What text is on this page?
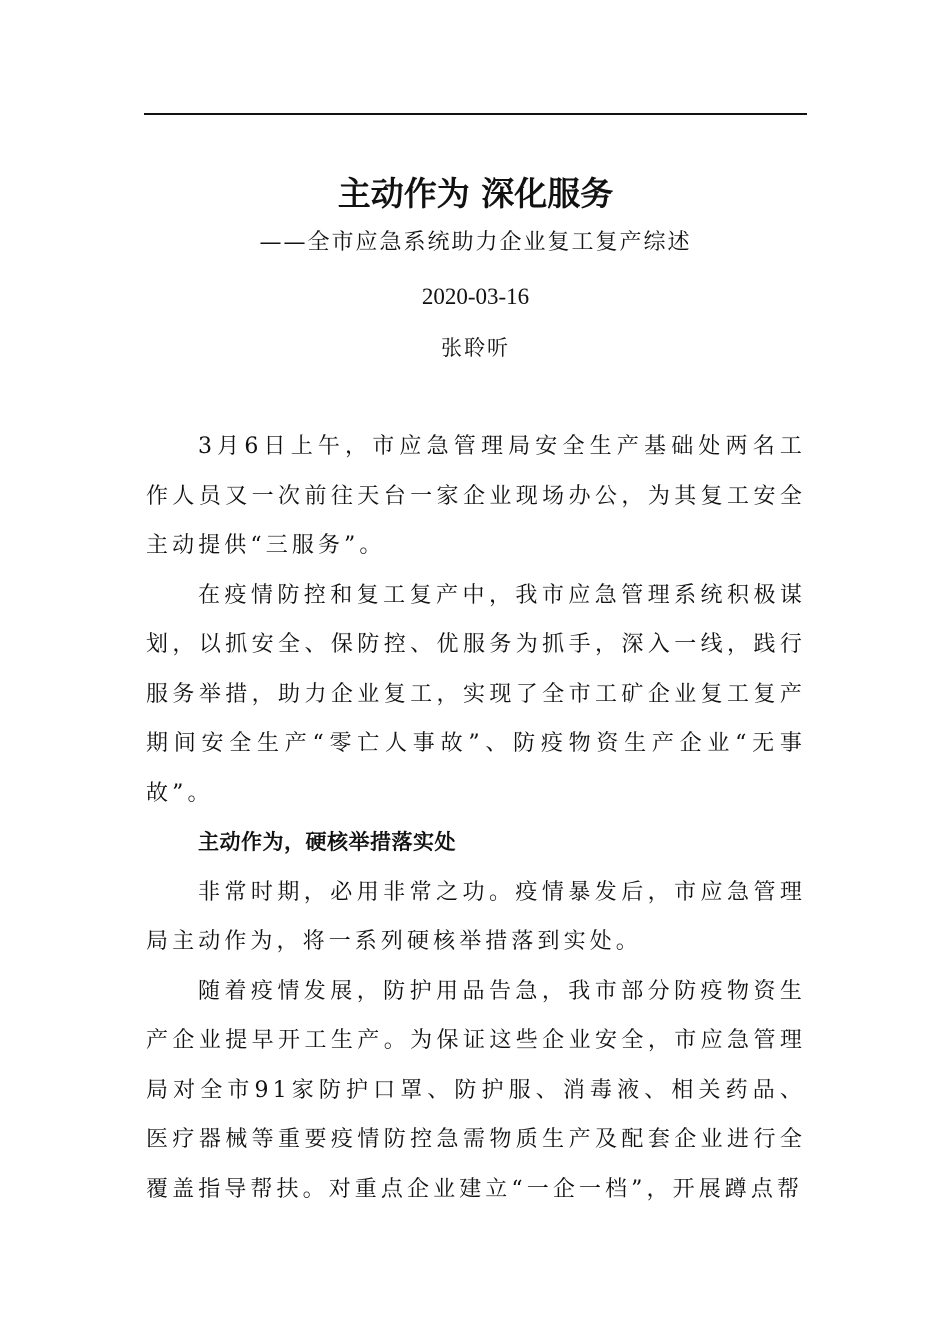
主动作为 深化服务
——全市应急系统助力企业复工复产综述
2020-03-16
张聆听

3月6日上午，市应急管理局安全生产基础处两名工作人员又一次前往天台一家企业现场办公，为其复工安全主动提供“三服务”。

在疫情防控和复工复产中，我市应急管理系统积极谋划，以抓安全、保防控、优服务为抓手，深入一线，践行服务举措，助力企业复工，实现了全市工矿企业复工复产期间安全生产“零亡人事故”、防疫物资生产企业“无事故”。

主动作为，硬核举措落实处

非常时期，必用非常之功。疫情暴发后，市应急管理局主动作为，将一系列硬核举措落到实处。

随着疫情发展，防护用品告急，我市部分防疫物资生产企业提早开工生产。为保证这些企业安全，市应急管理局对全市91家防护口罩、防护服、消毒液、相关药品、医疗器械等重要疫情防控急需物质生产及配套企业进行全覆盖指导帮扶。对重点企业建立“一企一档”，开展蹲点帮
